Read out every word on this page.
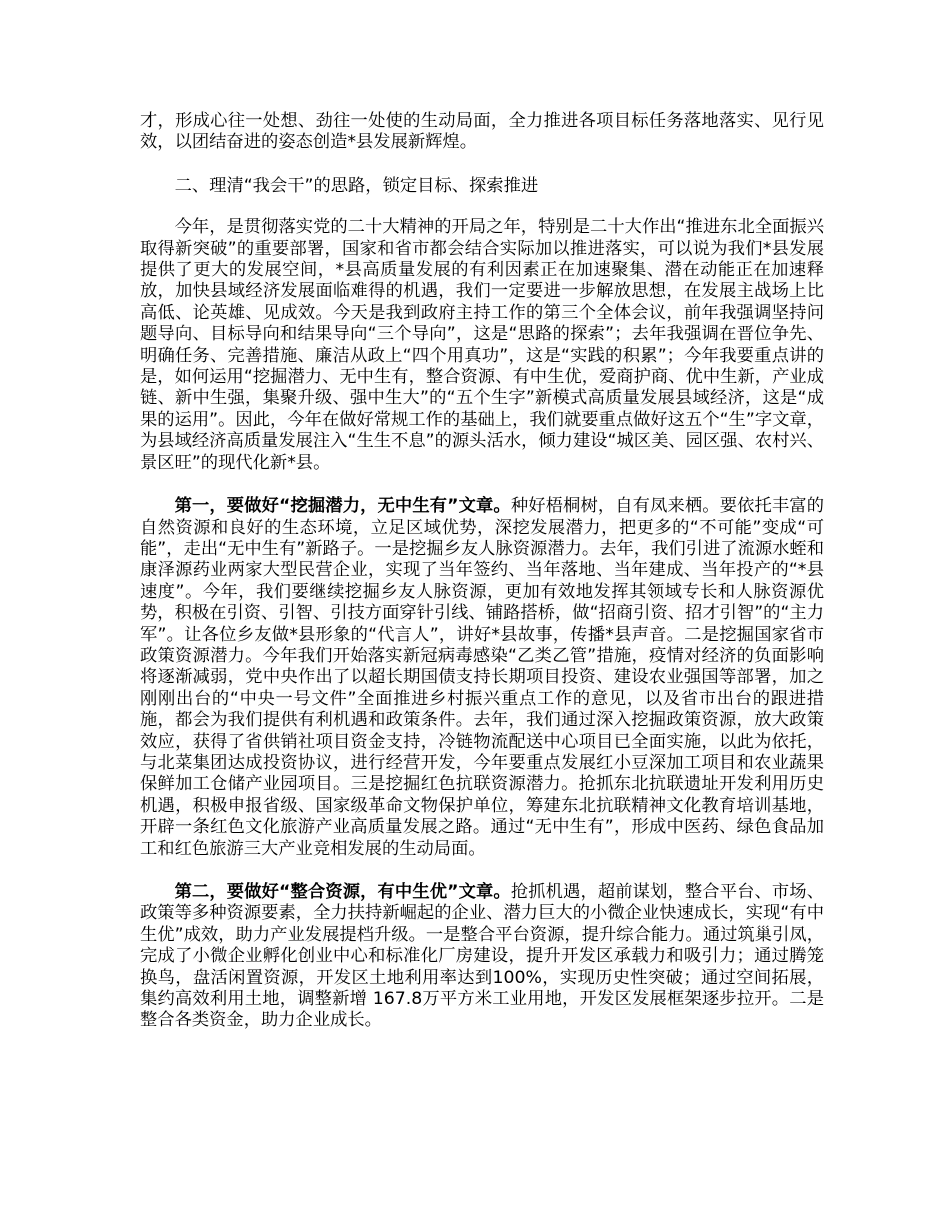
才，形成心往一处想、劲往一处使的生动局面，全力推进各项目标任务落地落实、见行见效，以团结奋进的姿态创造*县发展新辉煌。

二、理清“我会干”的思路，锁定目标、探索推进

今年，是贯彻落实党的二十大精神的开局之年，特别是二十大作出“推进东北全面振兴取得新突破”的重要部署，国家和省市都会结合实际加以推进落实，可以说为我们*县发展提供了更大的发展空间，*县高质量发展的有利因素正在加速聚集、潜在动能正在加速释放，加快县域经济发展面临难得的机遇，我们一定要进一步解放思想，在发展主战场上比高低、论英雄、见成效。今天是我到政府主持工作的第三个全体会议，前年我强调坚持问题导向、目标导向和结果导向“三个导向”，这是“思路的探索”；去年我强调在晋位争先、明确任务、完善措施、廉洁从政上“四个用真功”，这是“实践的积累”；今年我要重点讲的是，如何运用“挖掘潜力、无中生有，整合资源、有中生优，爱商护商、优中生新，产业成链、新中生强，集聚升级、强中生大”的“五个生字”新模式高质量发展县域经济，这是“成果的运用”。因此，今年在做好常规工作的基础上，我们就要重点做好这五个“生”字文章，为县域经济高质量发展注入“生生不息”的源头活水，倾力建设“城区美、园区强、农村兴、景区旺”的现代化新*县。

第一，要做好“挖掘潜力，无中生有”文章。种好梧桐树，自有凤来栖。要依托丰富的自然资源和良好的生态环境，立足区域优势，深挖发展潜力，把更多的“不可能”变成“可能”，走出“无中生有”新路子。一是挖掘乡友人脉资源潜力。去年，我们引进了流源水蛭和康泽源药业两家大型民营企业，实现了当年签约、当年落地、当年建成、当年投产的“*县速度”。今年，我们要继续挖掘乡友人脉资源，更加有效地发挥其领域专长和人脉资源优势，积极在引资、引智、引技方面穿针引线、铺路搭桥，做“招商引资、招才引智”的“主力军”。让各位乡友做*县形象的“代言人”，讲好*县故事，传播*县声音。二是挖掘国家省市政策资源潜力。今年我们开始落实新冠病毒感染“乙类乙管”措施，疫情对经济的负面影响将逐渐减弱，党中央作出了以超长期国债支持长期项目投资、建设农业强国等部署，加之刚刚出台的“中央一号文件”全面推进乡村振兴重点工作的意见，以及省市出台的跟进措施，都会为我们提供有利机遇和政策条件。去年，我们通过深入挖掘政策资源，放大政策效应，获得了省供销社项目资金支持，冷链物流配送中心项目已全面实施，以此为依托，与北菜集团达成投资协议，进行经营开发，今年要重点发展红小豆深加工项目和农业蔬果保鲜加工仓储产业园项目。三是挖掘红色抗联资源潜力。抢抓东北抗联遗址开发利用历史机遇，积极申报省级、国家级革命文物保护单位，筹建东北抗联精神文化教育培训基地，开辟一条红色文化旅游产业高质量发展之路。通过“无中生有”，形成中医药、绿色食品加工和红色旅游三大产业竞相发展的生动局面。

第二，要做好“整合资源，有中生优”文章。抢抓机遇，超前谋划，整合平台、市场、政策等多种资源要素，全力扶持新崛起的企业、潜力巨大的小微企业快速成长，实现“有中生优”成效，助力产业发展提档升级。一是整合平台资源，提升综合能力。通过筑巢引凤，完成了小微企业孵化创业中心和标准化厂房建设，提升开发区承载力和吸引力；通过腾笼换鸟，盘活闲置资源，开发区土地利用率达到100%，实现历史性突破；通过空间拓展，集约高效利用土地，调整新增 167.8万平方米工业用地，开发区发展框架逐步拉开。二是整合各类资金，助力企业成长。
